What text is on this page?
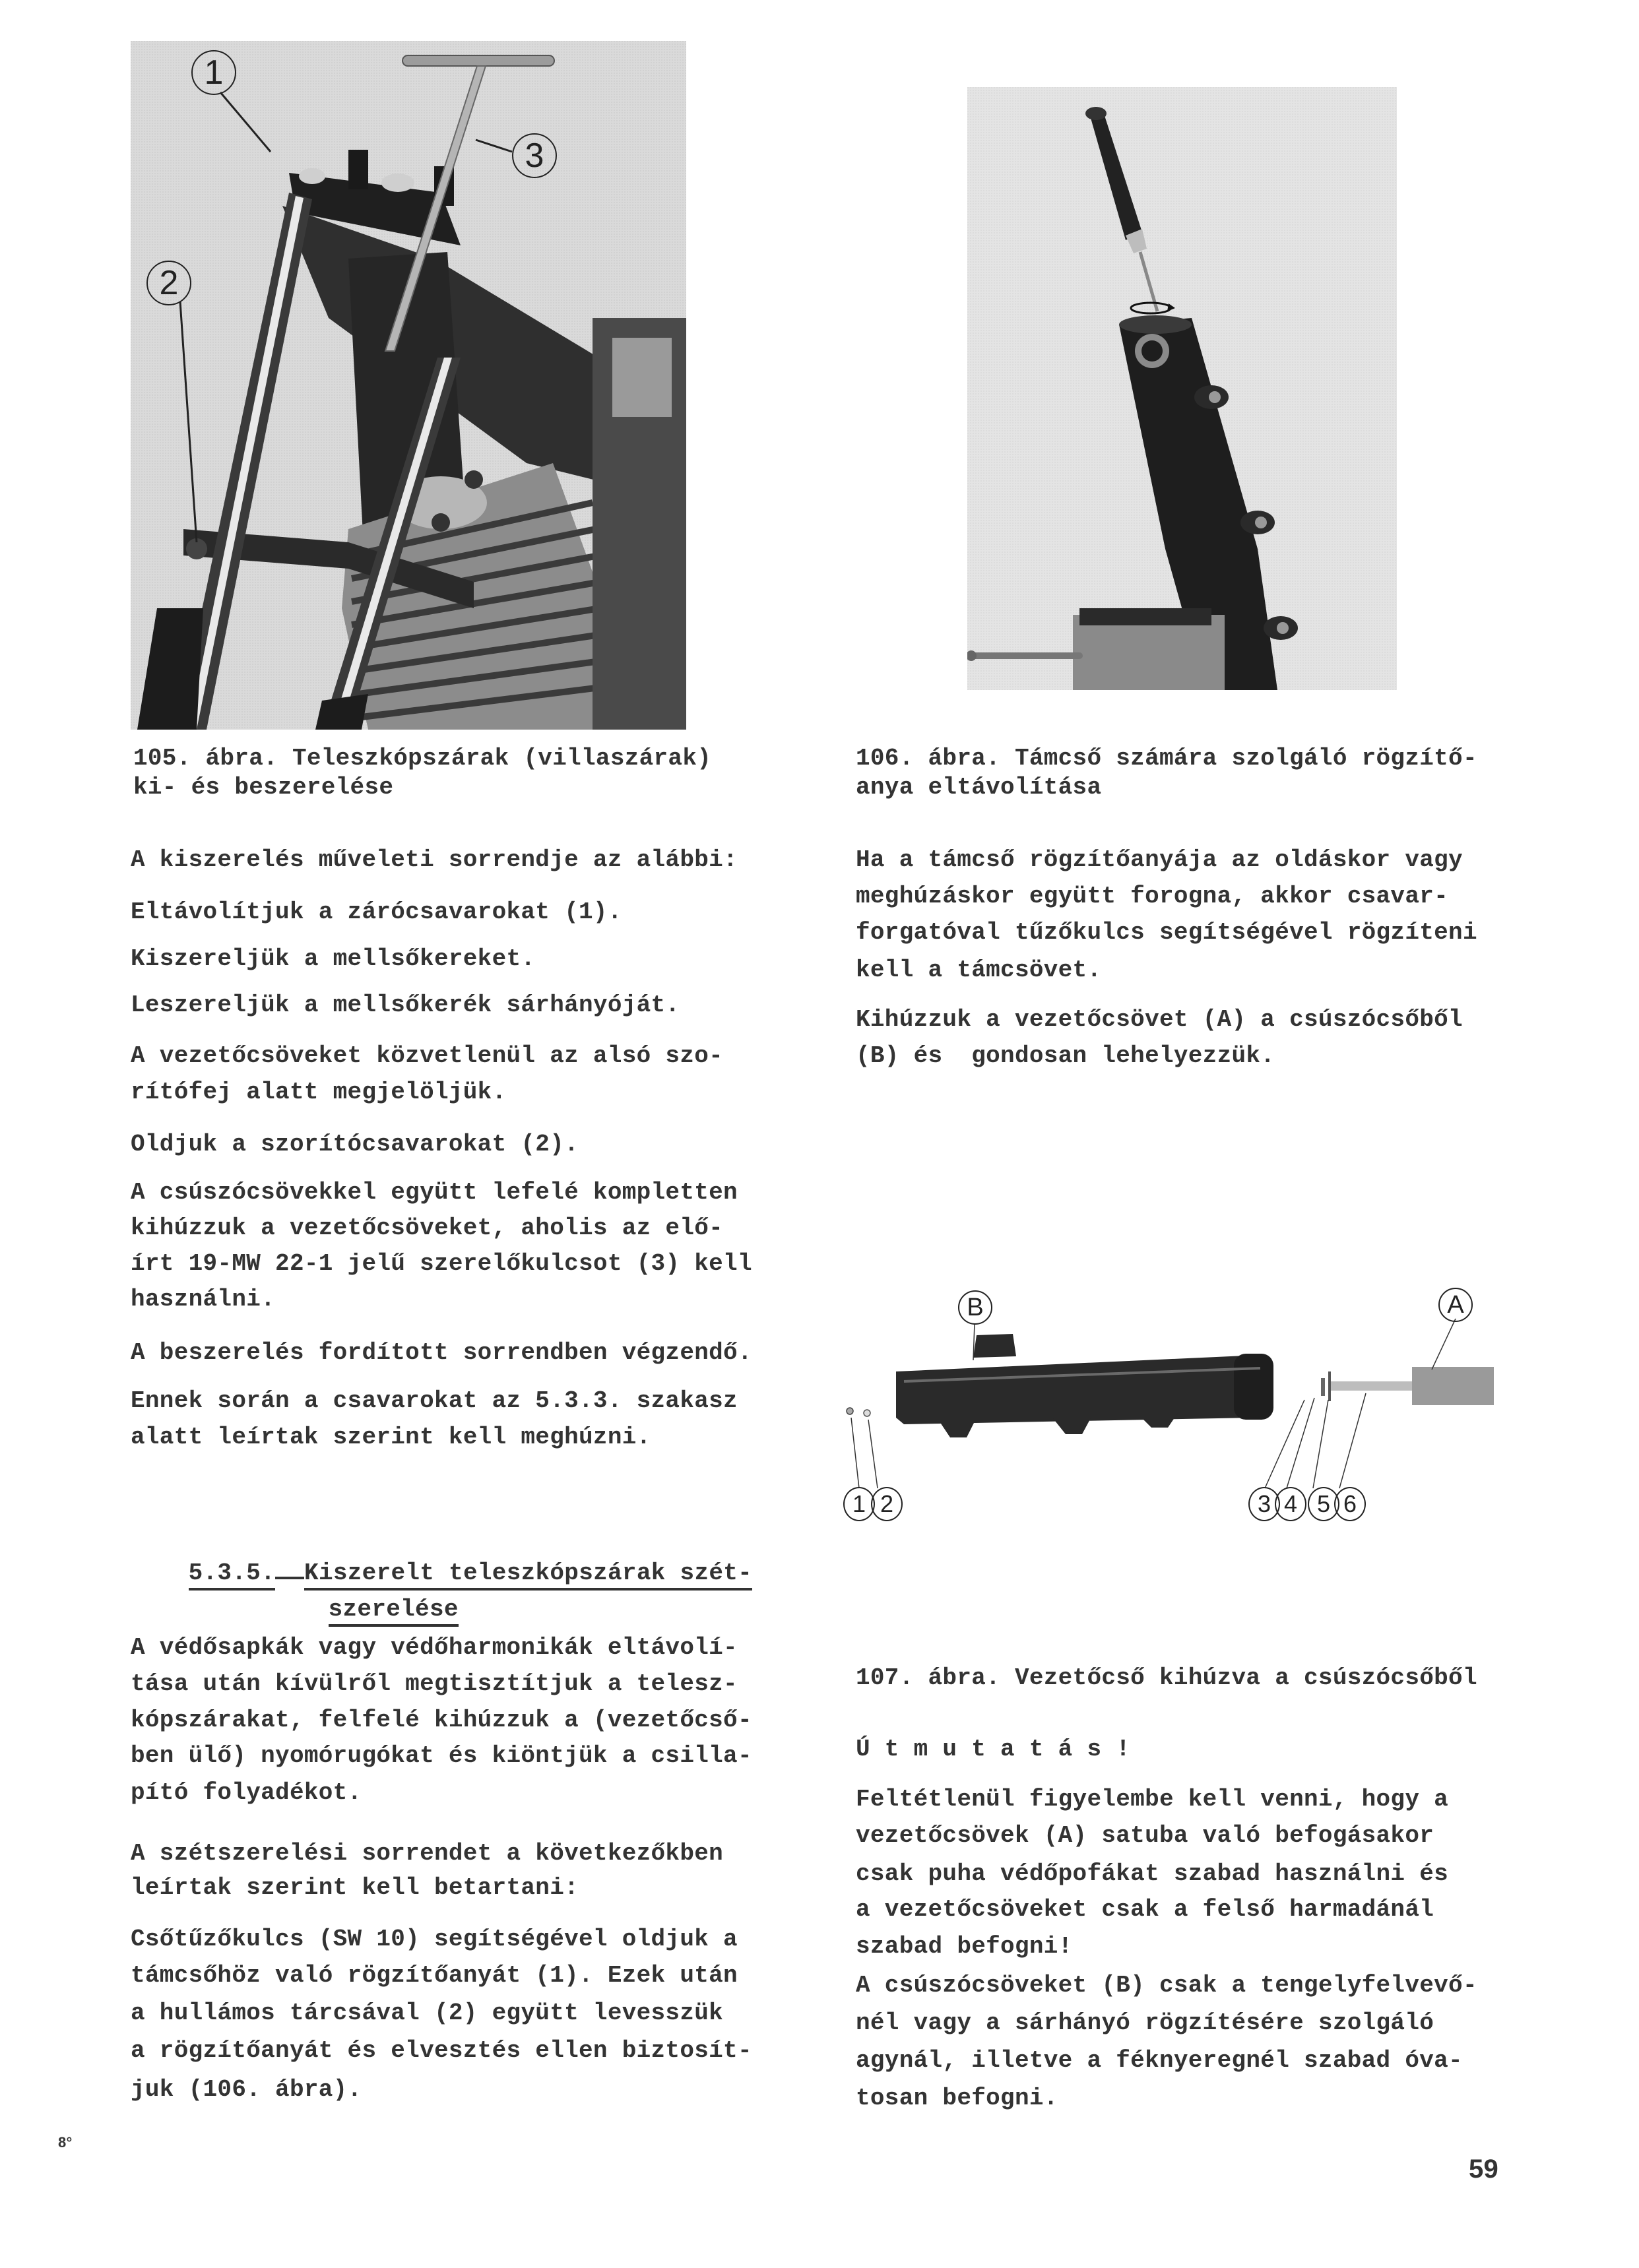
1
2
3
105. ábra. Teleszkópszárak (villaszárak)
ki- és beszerelése
106. ábra. Támcső számára szolgáló rögzítő-
anya eltávolítása
A kiszerelés műveleti sorrendje az alábbi:
Eltávolítjuk a zárócsavarokat (1).
Kiszereljük a mellsőkereket.
Leszereljük a mellsőkerék sárhányóját.
A vezetőcsöveket közvetlenül az alsó szo-
rítófej alatt megjelöljük.
Oldjuk a szorítócsavarokat (2).
A csúszócsövekkel együtt lefelé kompletten
kihúzzuk a vezetőcsöveket, aholis az elő-
írt 19-MW 22-1 jelű szerelőkulcsot (3) kell
használni.
A beszerelés fordított sorrendben végzendő.
Ennek során a csavarokat az 5.3.3. szakasz
alatt leírtak szerint kell meghúzni.

5.3.5. Kiszerelt teleszkópszárak szét-

szerelése

A védősapkák vagy védőharmonikák eltávolí-
tása után kívülről megtisztítjuk a telesz-
kópszárakat, felfelé kihúzzuk a (vezetőcső-
ben ülő) nyomórugókat és kiöntjük a csilla-
pító folyadékot.
A szétszerelési sorrendet a következőkben
leírtak szerint kell betartani:
Csőtűzőkulcs (SW 10) segítségével oldjuk a
támcsőhöz való rögzítőanyát (1). Ezek után
a hullámos tárcsával (2) együtt levesszük
a rögzítőanyát és elvesztés ellen biztosít-
juk (106. ábra).
Ha a támcső rögzítőanyája az oldáskor vagy
meghúzáskor együtt forogna, akkor csavar-
forgatóval tűzőkulcs segítségével rögzíteni
kell a támcsövet.
Kihúzzuk a vezetőcsövet (A) a csúszócsőből
(B) és  gondosan lehelyezzük.
B	A
1 2	3 4 5 6
107. ábra. Vezetőcső kihúzva a csúszócsőből
Ú t m u t a t á s !
Feltétlenül figyelembe kell venni, hogy a
vezetőcsövek (A) satuba való befogásakor
csak puha védőpofákat szabad használni és
a vezetőcsöveket csak a felső harmadánál
szabad befogni!
A csúszócsöveket (B) csak a tengelyfelvevő-
nél vagy a sárhányó rögzítésére szolgáló
agynál, illetve a féknyeregnél szabad óva-
tosan befogni.
8°
59
